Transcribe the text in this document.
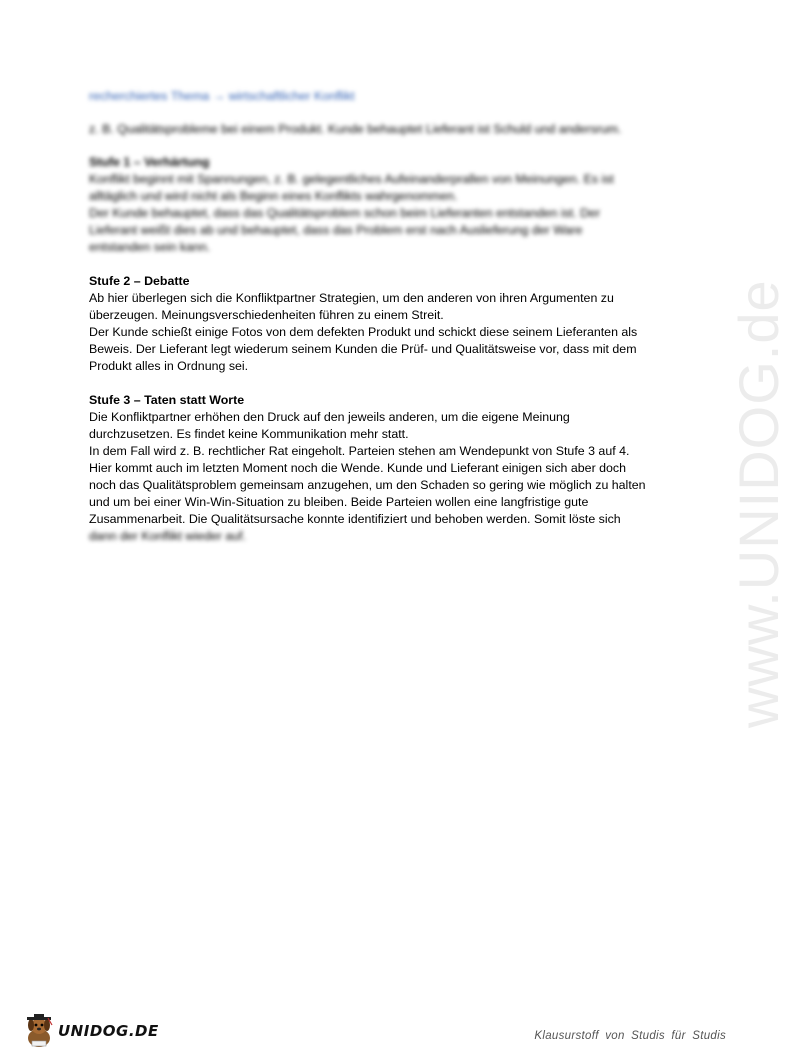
www.UNIDOG.de

recherchiertes Thema → wirtschaftlicher Konflikt

z. B. Qualitätsprobleme bei einem Produkt. Kunde behauptet Lieferant ist Schuld und andersrum.

Stufe 1 – Verhärtung

Konflikt beginnt mit Spannungen, z. B. gelegentliches Aufeinanderprallen von Meinungen. Es ist

alltäglich und wird nicht als Beginn eines Konflikts wahrgenommen.

Der Kunde behauptet, dass das Qualitätsproblem schon beim Lieferanten entstanden ist. Der

Lieferant weißt dies ab und behauptet, dass das Problem erst nach Auslieferung der Ware

entstanden sein kann.

Stufe 2 – Debatte

Ab hier überlegen sich die Konfliktpartner Strategien, um den anderen von ihren Argumenten zu

überzeugen. Meinungsverschiedenheiten führen zu einem Streit.

Der Kunde schießt einige Fotos von dem defekten Produkt und schickt diese seinem Lieferanten als

Beweis. Der Lieferant legt wiederum seinem Kunden die Prüf- und Qualitätsweise vor, dass mit dem

Produkt alles in Ordnung sei.

Stufe 3 – Taten statt Worte

Die Konfliktpartner erhöhen den Druck auf den jeweils anderen, um die eigene Meinung

durchzusetzen. Es findet keine Kommunikation mehr statt.

In dem Fall wird z. B. rechtlicher Rat eingeholt. Parteien stehen am Wendepunkt von Stufe 3 auf 4.

Hier kommt auch im letzten Moment noch die Wende. Kunde und Lieferant einigen sich aber doch

noch das Qualitätsproblem gemeinsam anzugehen, um den Schaden so gering wie möglich zu halten

und um bei einer Win-Win-Situation zu bleiben. Beide Parteien wollen eine langfristige gute

Zusammenarbeit. Die Qualitätsursache konnte identifiziert und behoben werden. Somit löste sich

dann der Konflikt wieder auf.

UNIDOG.DE	Klausurstoff von Studis für Studis
